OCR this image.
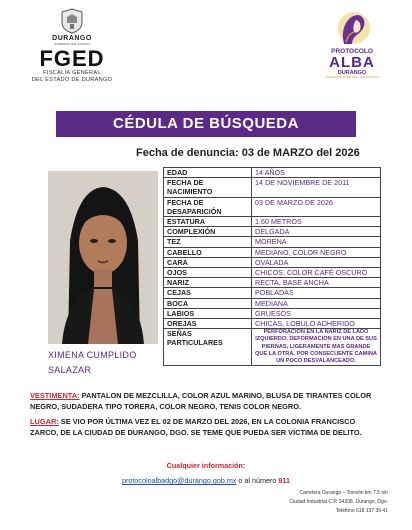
DURANGO
GOBIERNO DEL ESTADO
FGED
FISCALÍA GENERAL
DEL ESTADO DE DURANGO
PROTOCOLO
ALBA
DURANGO
PREVENCIÓN, BÚSQUEDA Y LOCALIZACIÓN
CÉDULA DE BÚSQUEDA
Fecha de denuncia: 03 de MARZO del 2026
XIMENA CUMPLIDO
SALAZAR
EDAD	14 AÑOS
FECHA DE NACIMIENTO	14 DE NOVIEMBRE DE 2011
FECHA DE DESAPARICIÓN	03 DE MARZO DE 2026
ESTATURA	1.60 METROS
COMPLEXIÓN	DELGADA
TEZ	MORENA
CABELLO	MEDIANO, COLOR NEGRO
CARA	OVALADA
OJOS	CHICOS, COLOR CAFÉ OSCURO
NARIZ	RECTA, BASE ANCHA
CEJAS	POBLADAS
BOCA	MEDIANA
LABIOS	GRUESOS
OREJAS	CHICAS, LOBULO ADHERIDO
SEÑAS PARTICULARES	PERFORACION EN LA NARIZ DE LADO IZQUIERDO, DEFORMACION EN UNA DE SUS PIERNAS, LIGERAMENTE MAS GRANDE QUE LA OTRA, POR CONSECUENTE CAMINA UN POCO DESVALANCEADO.

VESTIMENTA: PANTALON DE MEZCLILLA, COLOR AZUL MARINO, BLUSA DE TIRANTES COLOR NEGRO, SUDADERA TIPO TORERA, COLOR NEGRO, TENIS COLOR NEGRO.

LUGAR: SE VIO POR ÚLTIMA VEZ EL 02 DE MARZO DEL 2026, EN LA COLONIA FRANCISCO ZARCO, DE LA CIUDAD DE DURANGO, DGO. SE TEME QUE PUEDA SER VÍCTIMA DE DELITO.

Cualquier información:
protocoloalbadgo@durango.gob.mx o al número 911
Carretera Durango – Torreón km 7.5 s/n
Ciudad Industrial C.P. 34208, Durango, Dgo.
Teléfono 618 137 36 41
